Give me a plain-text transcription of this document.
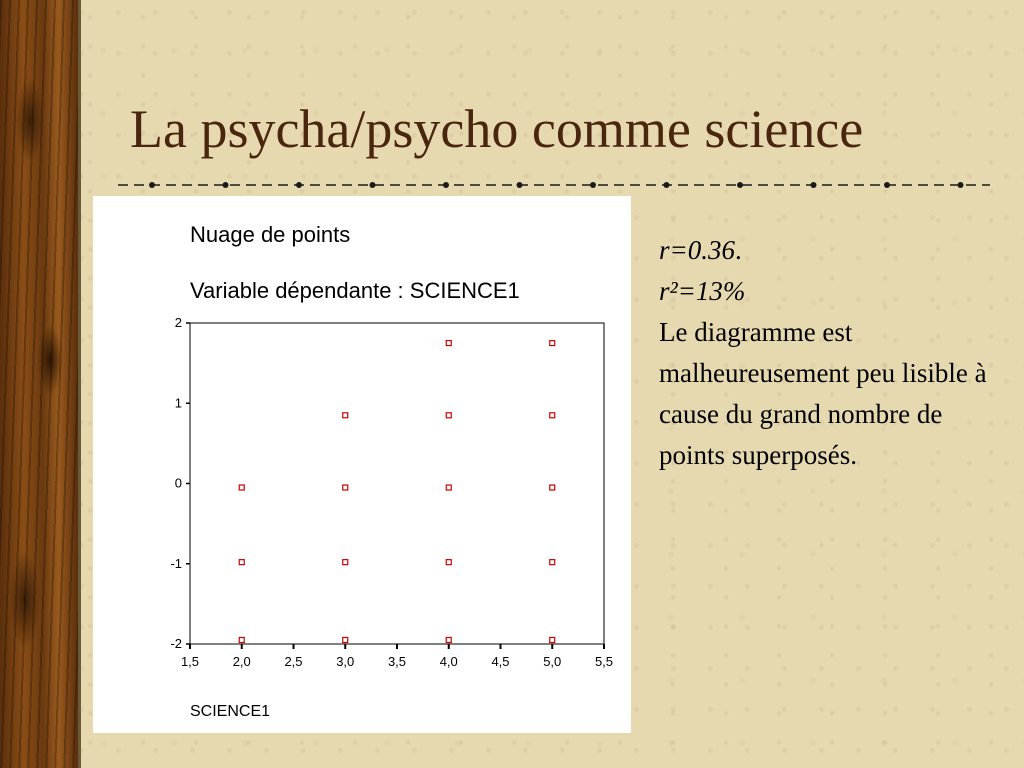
La psycha/psycho comme science
Nuage de points
Variable dépendante : SCIENCE1
2
1
0
-1
-2
1,5	2,0	2,5	3,0	3,5	4,0	4,5	5,0	5,5
SCIENCE1

r=0.36.

r²=13%

Le diagramme est malheureusement peu lisible à cause du grand nombre de points superposés.
